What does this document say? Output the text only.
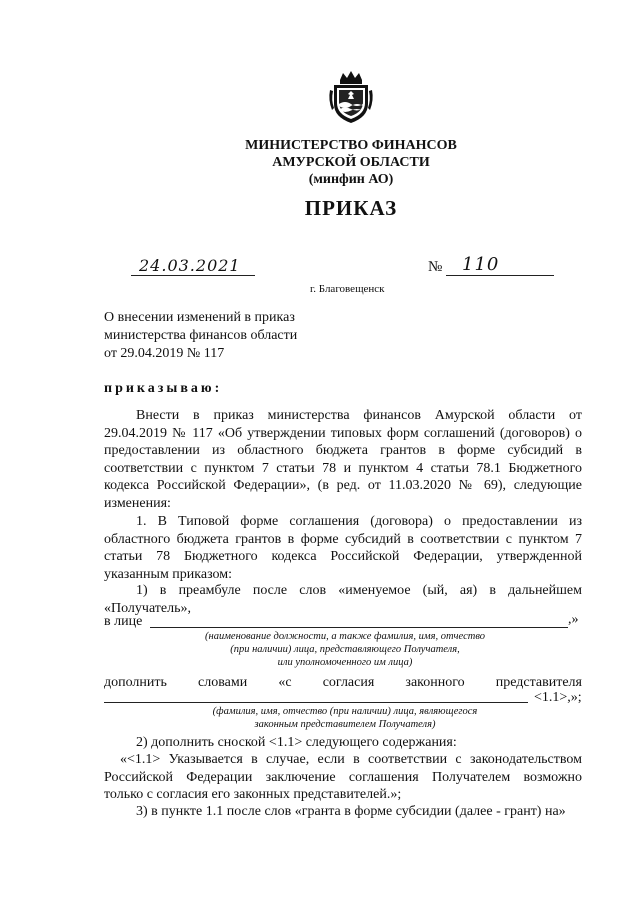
МИНИСТЕРСТВО ФИНАНСОВ
АМУРСКОЙ ОБЛАСТИ
(минфин АО)
ПРИКАЗ
24.03.2021	№ 110
г. Благовещенск
О внесении изменений в приказ
министерства финансов области
от 29.04.2019 № 117
приказываю:
Внести в приказ министерства финансов Амурской области от
29.04.2019 № 117 «Об утверждении типовых форм соглашений (договоров) о
предоставлении из областного бюджета грантов в форме субсидий в
соответствии с пунктом 7 статьи 78 и пунктом 4 статьи 78.1 Бюджетного
кодекса Российской Федерации», (в ред. от 11.03.2020 № 69), следующие
изменения:
1. В Типовой форме соглашения (договора) о предоставлении из
областного бюджета грантов в форме субсидий в соответствии с пунктом 7
статьи 78 Бюджетного кодекса Российской Федерации, утвержденной
указанным приказом:
1) в преамбуле после слов «именуемое (ый, ая) в дальнейшем
«Получатель»,
в лице	,»
(наименование должности, а также фамилия, имя, отчество
(при наличии) лица, представляющего Получателя,
или уполномоченного им лица)
дополнить словами «с согласия законного представителя
<1.1>,»;
(фамилия, имя, отчество (при наличии) лица, являющегося
законным представителем Получателя)
2) дополнить сноской <1.1> следующего содержания:
«<1.1> Указывается в случае, если в соответствии с законодательством
Российской Федерации заключение соглашения Получателем возможно
только с согласия его законных представителей.»;
3) в пункте 1.1 после слов «гранта в форме субсидии (далее - грант) на»
